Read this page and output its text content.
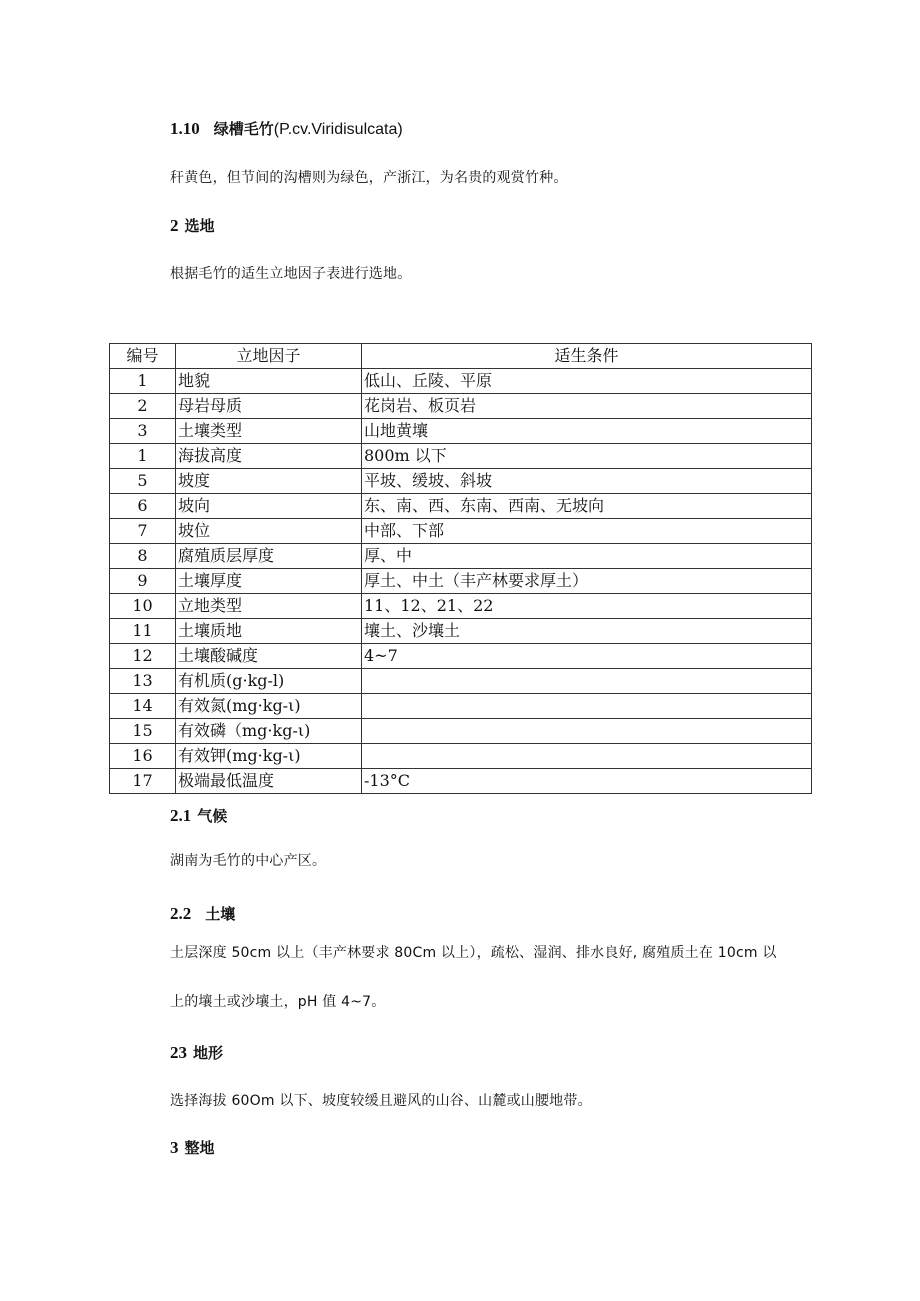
1.10 绿槽毛竹(P.cv.Viridisulcata)
秆黄色，但节间的沟槽则为绿色，产浙江，为名贵的观赏竹种。
2 选地
根据毛竹的适生立地因子表进行选地。
编号	立地因子	适生条件
1	地貌	低山、丘陵、平原
2	母岩母质	花岗岩、板页岩
3	土壤类型	山地黄壤
1	海拔高度	800m 以下
5	坡度	平坡、缓坡、斜坡
6	坡向	东、南、西、东南、西南、无坡向
7	坡位	中部、下部
8	腐殖质层厚度	厚、中
9	土壤厚度	厚土、中土（丰产林要求厚土）
10	立地类型	11、12、21、22
11	土壤质地	壤土、沙壤土
12	土壤酸碱度	4~7
13	有机质(g·kg-l)	
14	有效氮(mg·kg-ι)	
15	有效磷（mg·kg-ι)	
16	有效钾(mg·kg-ι)	
17	极端最低温度	-13°C
2.1 气候
湖南为毛竹的中心产区。
2.2 土壤
土层深度 50cm 以上（丰产林要求 80Cm 以上），疏松、湿润、排水良好, 腐殖质土在 10cm 以
上的壤土或沙壤土，pH 值 4~7。
23 地形
选择海拔 60Om 以下、坡度较缓且避风的山谷、山麓或山腰地带。
3 整地
